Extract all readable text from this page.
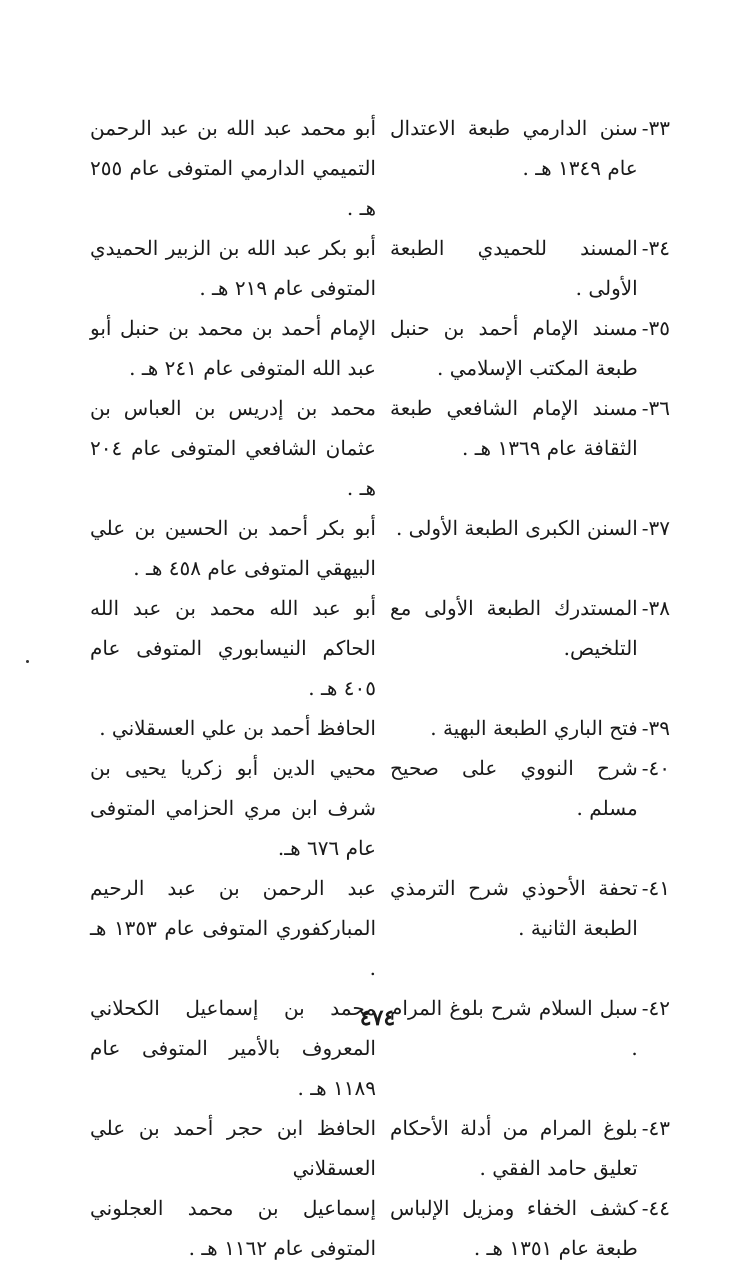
٣٣-
سنن الدارمي طبعة الاعتدال عام ١٣٤٩ هـ .
أبو محمد عبد الله بن عبد الرحمن التميمي الدارمي المتوفى عام ٢٥٥ هـ .
٣٤-
المسند للحميدي الطبعة الأولى .
أبو بكر عبد الله بن الزبير الحميدي المتوفى عام ٢١٩ هـ .
٣٥-
مسند الإمام أحمد بن حنبل طبعة المكتب الإسلامي .
الإمام أحمد بن محمد بن حنبل أبو عبد الله المتوفى عام ٢٤١ هـ .
٣٦-
مسند الإمام الشافعي طبعة الثقافة عام ١٣٦٩ هـ .
محمد بن إدريس بن العباس بن عثمان الشافعي المتوفى عام ٢٠٤ هـ .
٣٧-
السنن الكبرى الطبعة الأولى .
أبو بكر أحمد بن الحسين بن علي البيهقي المتوفى عام ٤٥٨ هـ .
٣٨-
المستدرك الطبعة الأولى مع التلخيص.
أبو عبد الله محمد بن عبد الله الحاكم النيسابوري المتوفى عام ٤٠٥ هـ .
٣٩-
فتح الباري الطبعة البهية .
الحافظ أحمد بن علي العسقلاني .
٤٠-
شرح النووي على صحيح مسلم .
محيي الدين أبو زكريا يحيى بن شرف ابن مري الحزامي المتوفى عام ٦٧٦ هـ.
٤١-
تحفة الأحوذي شرح الترمذي الطبعة الثانية .
عبد الرحمن بن عبد الرحيم المباركفوري المتوفى عام ١٣٥٣ هـ .
٤٢-
سبل السلام شرح بلوغ المرام .
محمد بن إسماعيل الكحلاني المعروف بالأمير المتوفى عام ١١٨٩ هـ .
٤٣-
بلوغ المرام من أدلة الأحكام تعليق حامد الفقي .
الحافظ ابن حجر أحمد بن علي العسقلاني
٤٤-
كشف الخفاء ومزيل الإلباس طبعة عام ١٣٥١ هـ .
إسماعيل بن محمد العجلوني المتوفى عام ١١٦٢ هـ .
٤٧٤
